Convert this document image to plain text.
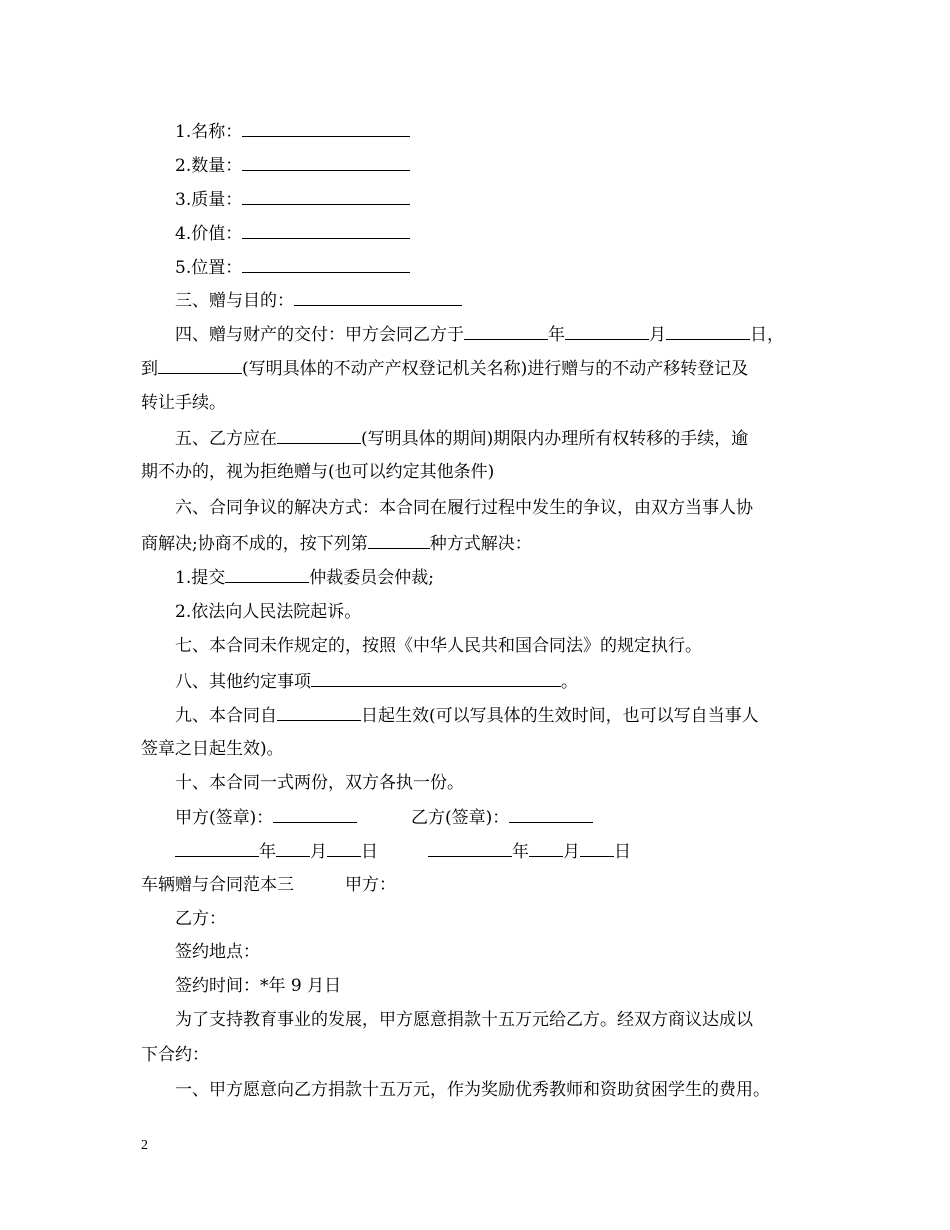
1.名称：
2.数量：
3.质量：
4.价值：
5.位置：
三、赠与目的：
四、赠与财产的交付：甲方会同乙方于	年	月	日，
到	(写明具体的不动产产权登记机关名称)进行赠与的不动产移转登记及
转让手续。
五、乙方应在	(写明具体的期间)期限内办理所有权转移的手续，逾
期不办的，视为拒绝赠与(也可以约定其他条件)
六、合同争议的解决方式：本合同在履行过程中发生的争议，由双方当事人协
商解决;协商不成的，按下列第	种方式解决：
1.提交	仲裁委员会仲裁;
2.依法向人民法院起诉。
七、本合同未作规定的，按照《中华人民共和国合同法》的规定执行。
八、其他约定事项	。
九、本合同自	日起生效(可以写具体的生效时间，也可以写自当事人
签章之日起生效)。
十、本合同一式两份，双方各执一份。
甲方(签章)：	乙方(签章)：
年 月 日	年 月 日
车辆赠与合同范本三	甲方：
乙方：
签约地点：
签约时间：*年 9 月日
为了支持教育事业的发展，甲方愿意捐款十五万元给乙方。经双方商议达成以
下合约：
一、甲方愿意向乙方捐款十五万元，作为奖励优秀教师和资助贫困学生的费用。
2
